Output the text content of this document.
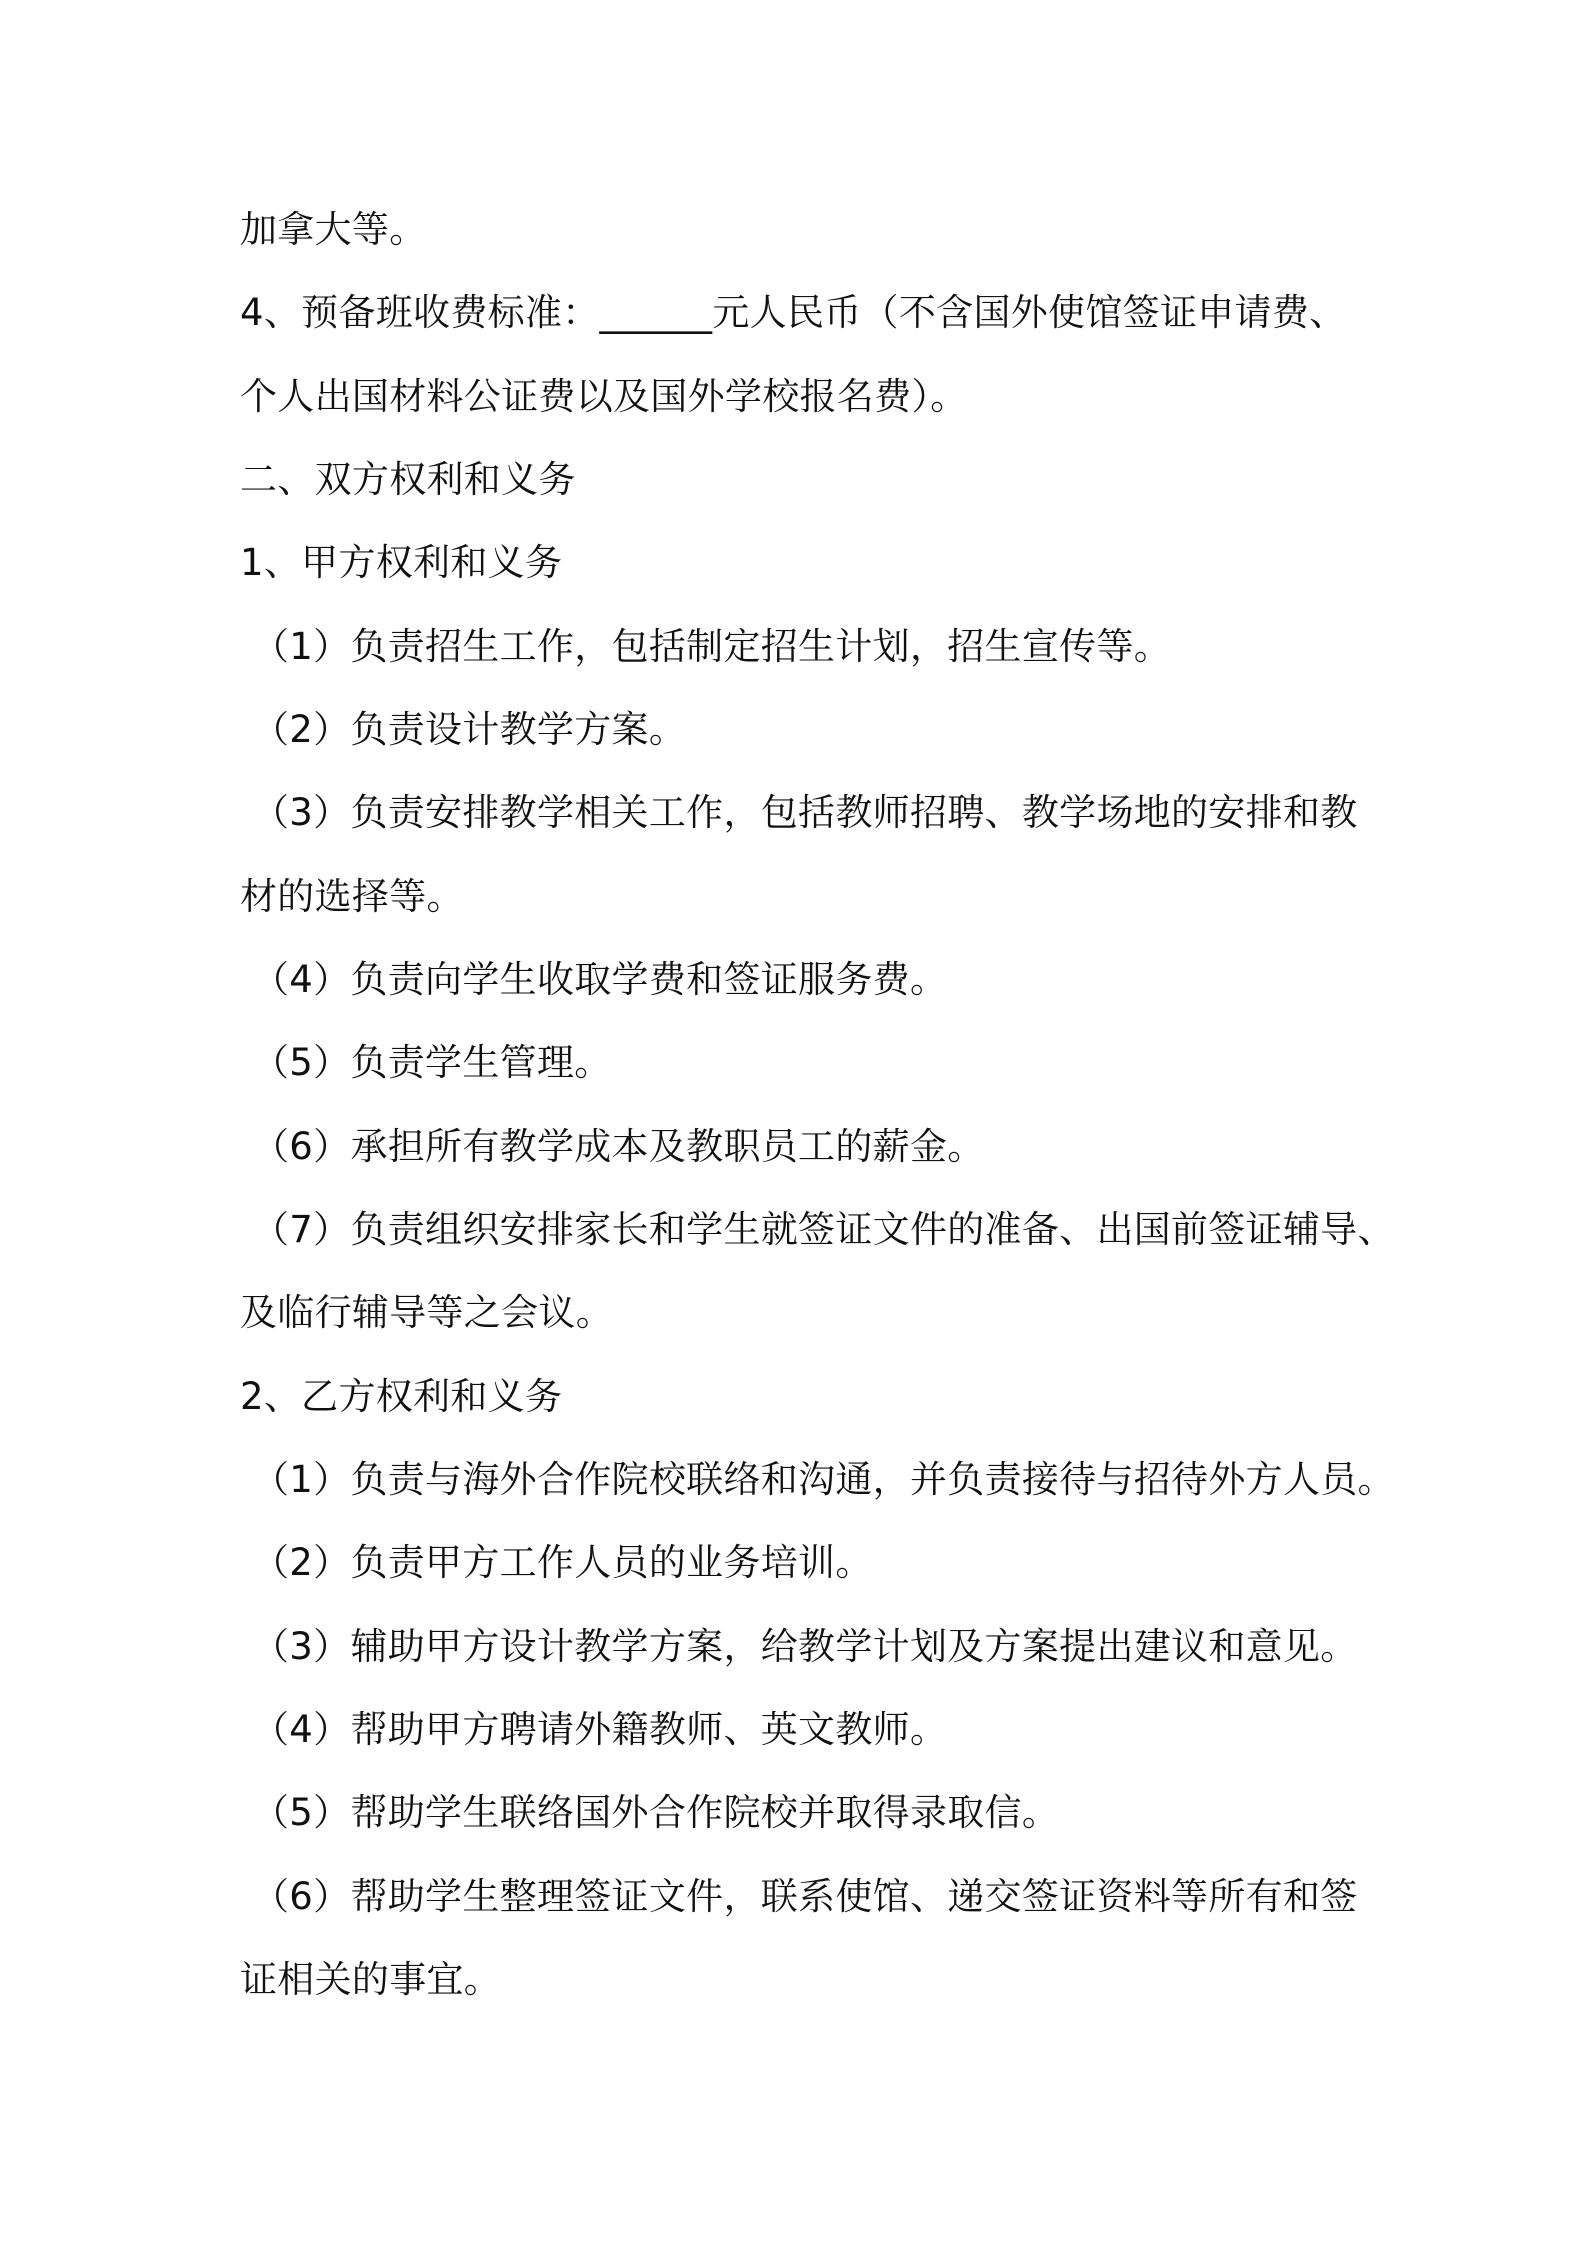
加拿大等。
4、预备班收费标准：______元人民币（不含国外使馆签证申请费、
个人出国材料公证费以及国外学校报名费）。
二、双方权利和义务
1、甲方权利和义务
（1）负责招生工作，包括制定招生计划，招生宣传等。
（2）负责设计教学方案。
（3）负责安排教学相关工作，包括教师招聘、教学场地的安排和教
材的选择等。
（4）负责向学生收取学费和签证服务费。
（5）负责学生管理。
（6）承担所有教学成本及教职员工的薪金。
（7）负责组织安排家长和学生就签证文件的准备、出国前签证辅导、
及临行辅导等之会议。
2、乙方权利和义务
（1）负责与海外合作院校联络和沟通，并负责接待与招待外方人员。
（2）负责甲方工作人员的业务培训。
（3）辅助甲方设计教学方案，给教学计划及方案提出建议和意见。
（4）帮助甲方聘请外籍教师、英文教师。
（5）帮助学生联络国外合作院校并取得录取信。
（6）帮助学生整理签证文件，联系使馆、递交签证资料等所有和签
证相关的事宜。
